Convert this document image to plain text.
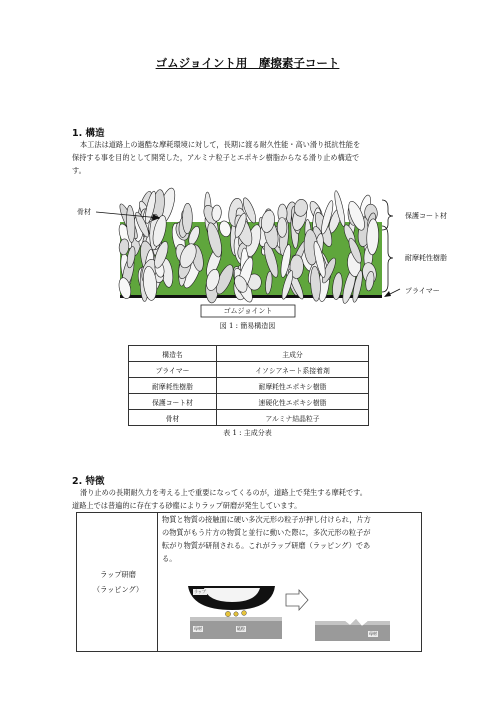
ゴムジョイント用　摩擦素子コート
1. 構造
本工法は道路上の過酷な摩耗環境に対して，長期に渡る耐久性能・高い滑り抵抗性能を
保持する事を目的として開発した，アルミナ粒子とエポキシ樹脂からなる滑り止め構造で
す。
骨材	保護コート材
耐摩耗性樹脂
プライマー
ゴムジョイント
図 1 : 簡易構造図
構造名	主成分
プライマー	イソシアネート系接着剤
耐摩耗性樹脂	耐摩耗性エポキシ樹脂
保護コート材	速硬化性エポキシ樹脂
骨材	アルミナ結晶粒子
表 1 : 主成分表
2. 特徴
滑り止めの長期耐久力を考える上で重要になってくるのが，道路上で発生する摩耗です。
道路上では普遍的に存在する砂塵によりラップ研磨が発生しています。
ラップ研磨
（ラッピング）
物質と物質の接触面に硬い多次元形の粒子が押し付けられ，片方
の物質がもう片方の物質と並行に動いた際に，多次元形の粒子が
転がり物質が研削される。これがラップ研磨（ラッピング）であ
る。
ラップ
母材	砥粒
母材
